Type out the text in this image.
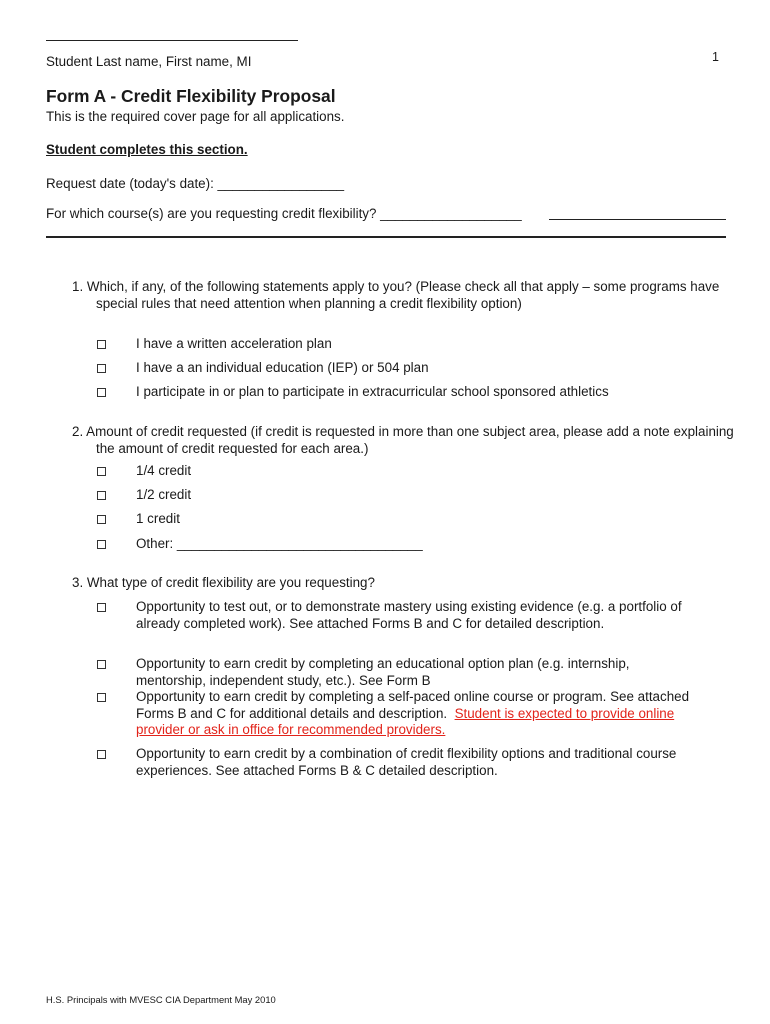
Student Last name, First name, MI	1
Form A - Credit Flexibility Proposal
This is the required cover page for all applications.
Student completes this section.
Request date (today's date): _________________
For which course(s) are you requesting credit flexibility? ___________________
1. Which, if any, of the following statements apply to you? (Please check all that apply – some programs have special rules that need attention when planning a credit flexibility option)
I have a written acceleration plan
I have a an individual education (IEP) or 504 plan
I participate in or plan to participate in extracurricular school sponsored athletics
2. Amount of credit requested (if credit is requested in more than one subject area, please add a note explaining the amount of credit requested for each area.)
1/4 credit
1/2 credit
1 credit
Other: _________________________________
3. What type of credit flexibility are you requesting?
Opportunity to test out, or to demonstrate mastery using existing evidence (e.g. a portfolio of already completed work). See attached Forms B and C for detailed description.
Opportunity to earn credit by completing an educational option plan (e.g. internship, mentorship, independent study, etc.). See Form B
Opportunity to earn credit by completing a self-paced online course or program. See attached Forms B and C for additional details and description. Student is expected to provide online provider or ask in office for recommended providers.
Opportunity to earn credit by a combination of credit flexibility options and traditional course experiences. See attached Forms B & C detailed description.
H.S. Principals with MVESC CIA Department May 2010
